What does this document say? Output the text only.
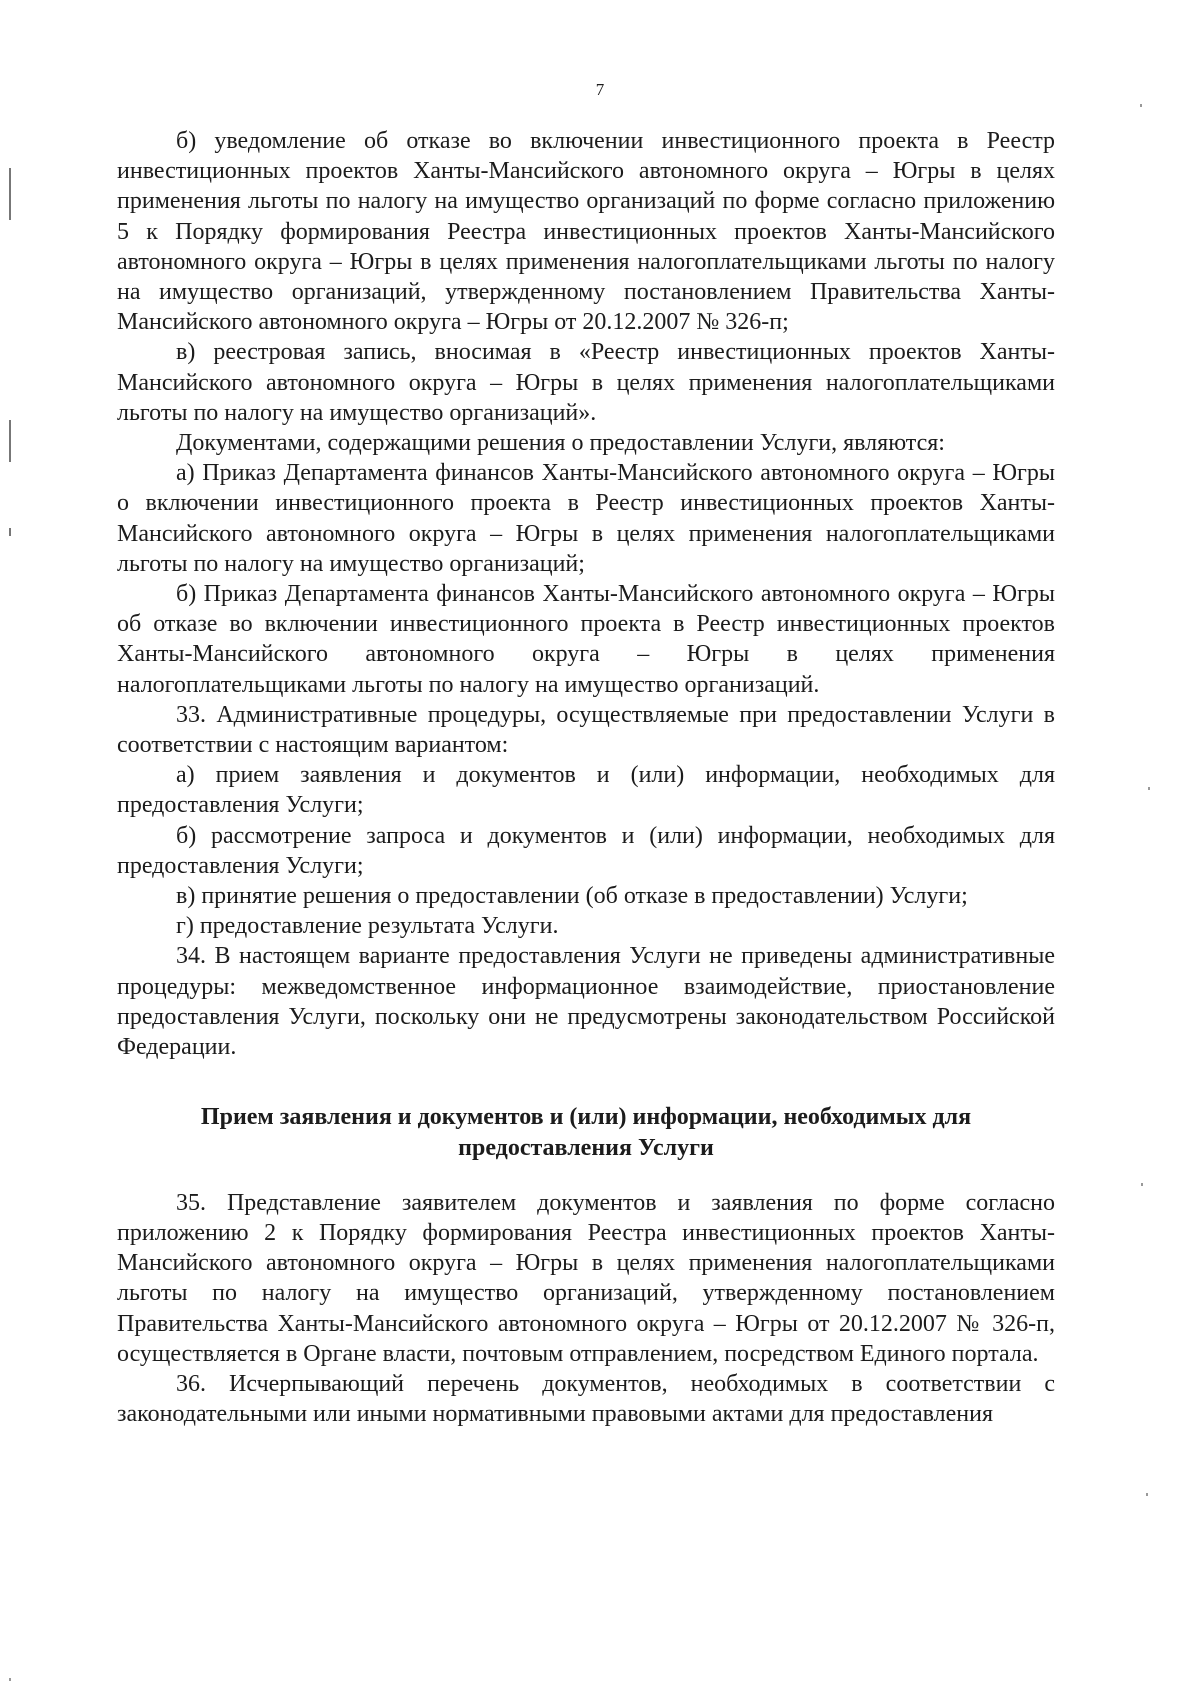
7

б) уведомление об отказе во включении инвестиционного проекта в Реестр инвестиционных проектов Ханты-Мансийского автономного округа – Югры в целях применения льготы по налогу на имущество организаций по форме согласно приложению 5 к Порядку формирования Реестра инвестиционных проектов Ханты-Мансийского автономного округа – Югры в целях применения налогоплательщиками льготы по налогу на имущество организаций, утвержденному постановлением Правительства Ханты-Мансийского автономного округа – Югры от 20.12.2007 № 326-п;

в) реестровая запись, вносимая в «Реестр инвестиционных проектов Ханты-Мансийского автономного округа – Югры в целях применения налогоплательщиками льготы по налогу на имущество организаций».

Документами, содержащими решения о предоставлении Услуги, являются:

а) Приказ Департамента финансов Ханты-Мансийского автономного округа – Югры о включении инвестиционного проекта в Реестр инвестиционных проектов Ханты-Мансийского автономного округа – Югры в целях применения налогоплательщиками льготы по налогу на имущество организаций;

б) Приказ Департамента финансов Ханты-Мансийского автономного округа – Югры об отказе во включении инвестиционного проекта в Реестр инвестиционных проектов Ханты-Мансийского автономного округа – Югры в целях применения налогоплательщиками льготы по налогу на имущество организаций.

33. Административные процедуры, осуществляемые при предоставлении Услуги в соответствии с настоящим вариантом:

а) прием заявления и документов и (или) информации, необходимых для предоставления Услуги;

б) рассмотрение запроса и документов и (или) информации, необходимых для предоставления Услуги;

в) принятие решения о предоставлении (об отказе в предоставлении) Услуги;

г) предоставление результата Услуги.

34. В настоящем варианте предоставления Услуги не приведены административные процедуры: межведомственное информационное взаимодействие, приостановление предоставления Услуги, поскольку они не предусмотрены законодательством Российской Федерации.

Прием заявления и документов и (или) информации, необходимых для предоставления Услуги

35. Представление заявителем документов и заявления по форме согласно приложению 2 к Порядку формирования Реестра инвестиционных проектов Ханты-Мансийского автономного округа – Югры в целях применения налогоплательщиками льготы по налогу на имущество организаций, утвержденному постановлением Правительства Ханты-Мансийского автономного округа – Югры от 20.12.2007 № 326-п, осуществляется в Органе власти, почтовым отправлением, посредством Единого портала.

36. Исчерпывающий перечень документов, необходимых в соответствии с законодательными или иными нормативными правовыми актами для предоставления
